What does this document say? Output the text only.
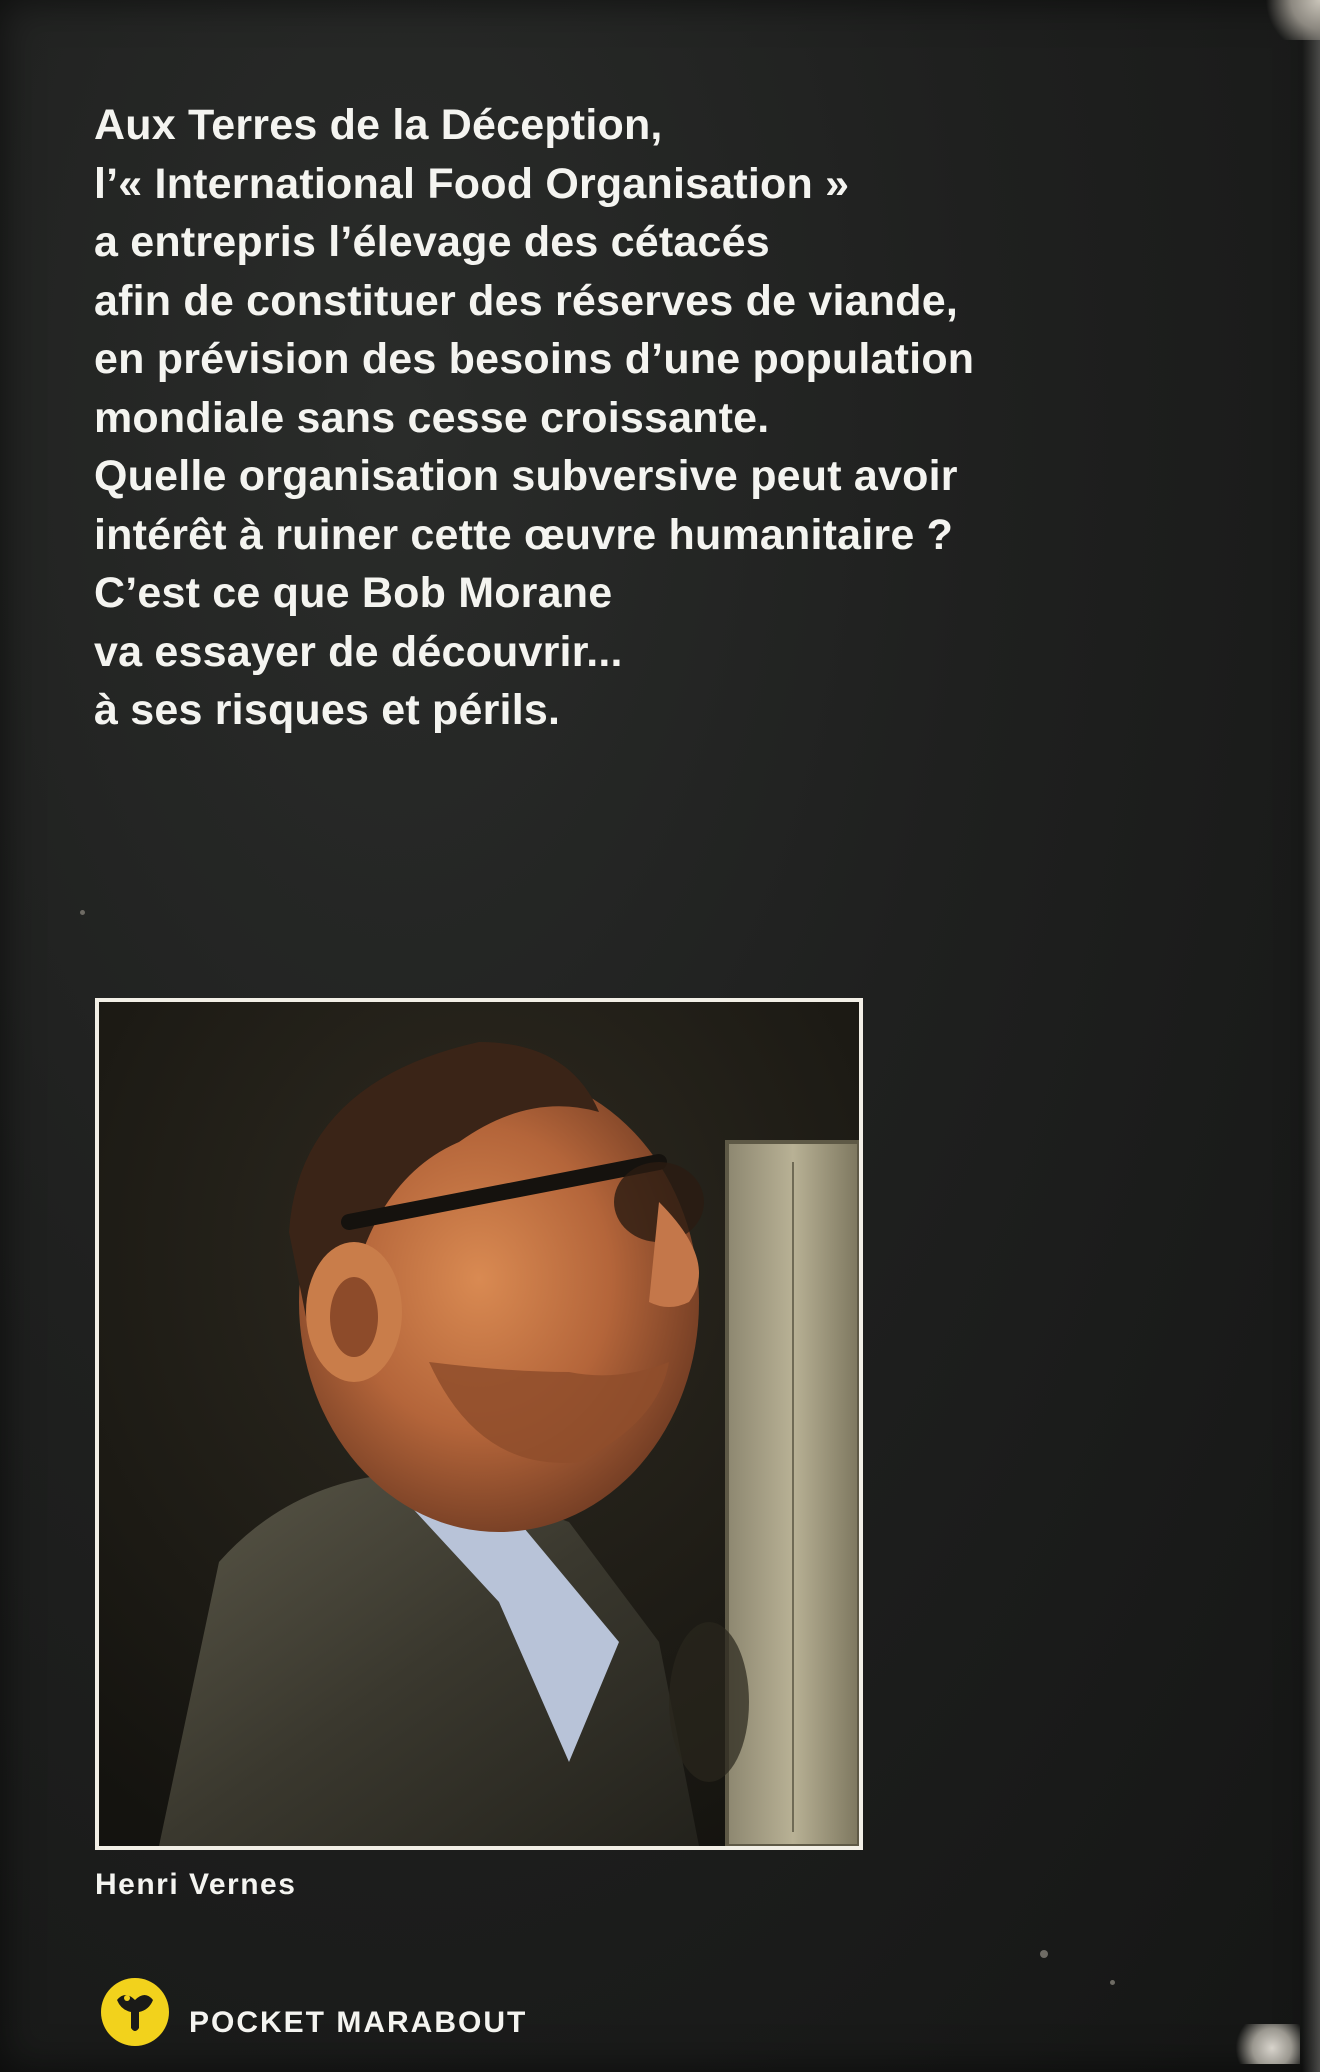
Aux Terres de la Déception,
l’« International Food Organisation »
a entrepris l’élevage des cétacés
afin de constituer des réserves de viande,
en prévision des besoins d’une population
mondiale sans cesse croissante.
Quelle organisation subversive peut avoir
intérêt à ruiner cette œuvre humanitaire ?
C’est ce que Bob Morane
va essayer de découvrir...
à ses risques et périls.
Henri Vernes
POCKET MARABOUT
